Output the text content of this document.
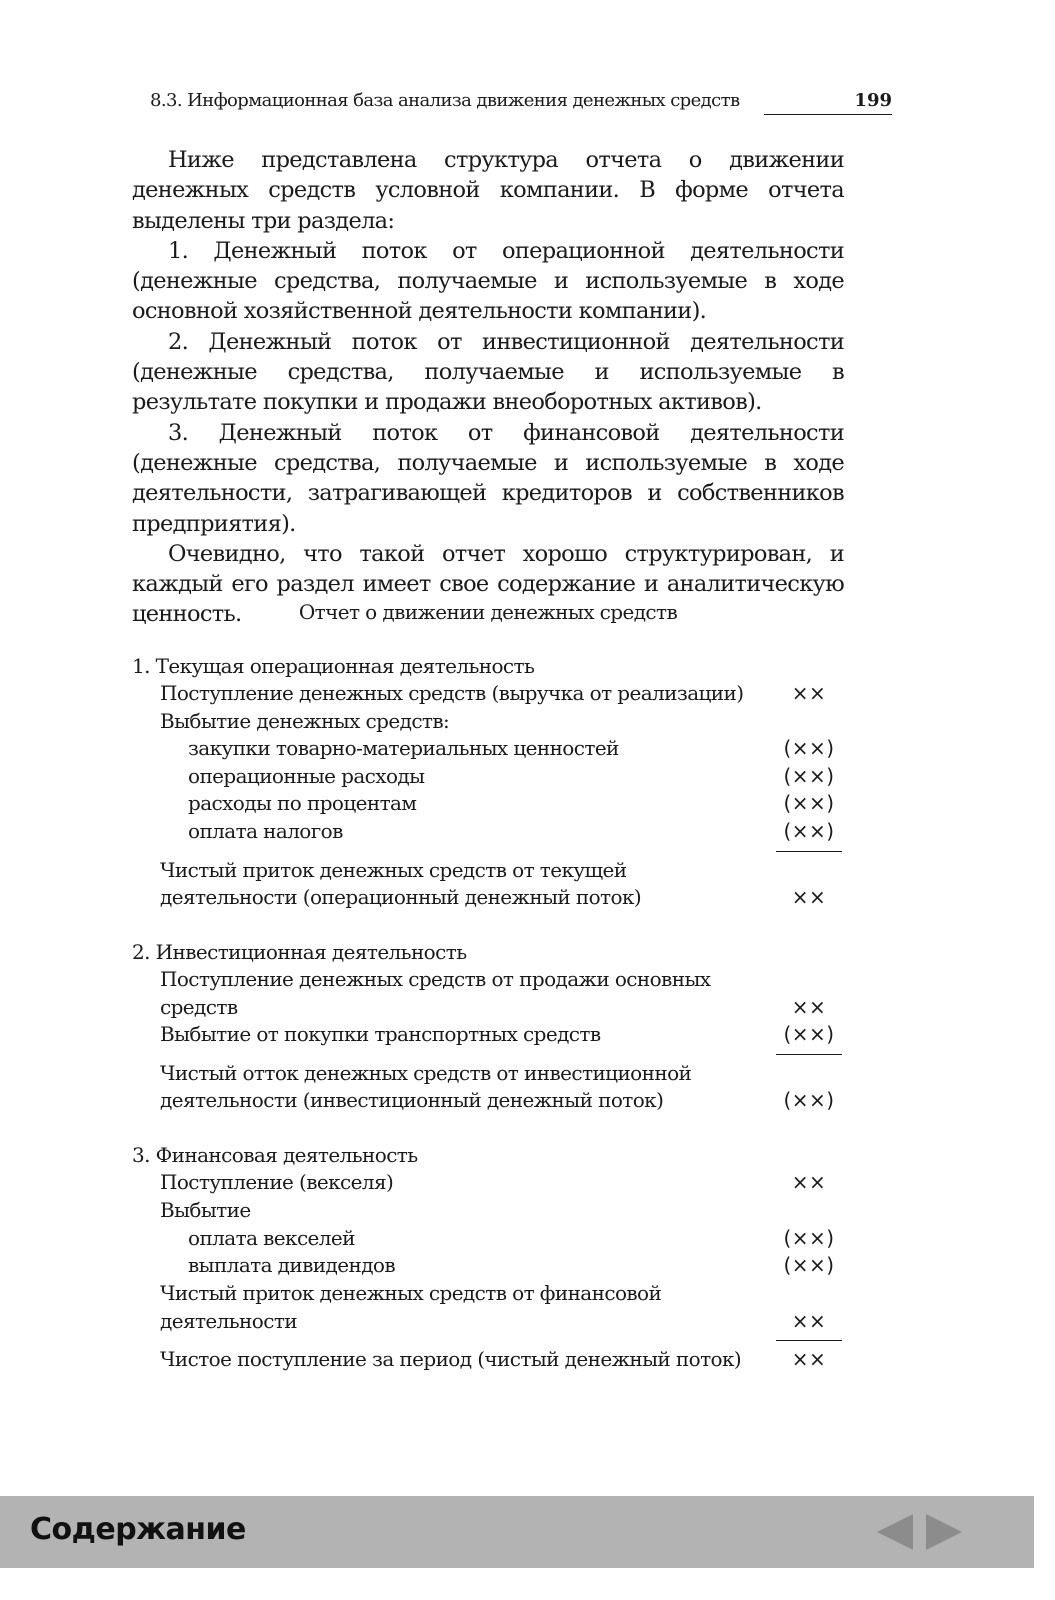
8.3. Информационная база анализа движения денежных средств	199

Ниже представлена структура отчета о движении денежных средств условной компании. В форме отчета выделены три раздела:

1. Денежный поток от операционной деятельности (денежные средства, получаемые и используемые в ходе основной хозяйственной деятельности компании).

2. Денежный поток от инвестиционной деятельности (денежные средства, получаемые и используемые в результате покупки и продажи внеоборотных активов).

3. Денежный поток от финансовой деятельности (денежные средства, получаемые и используемые в ходе деятельности, затрагивающей кредиторов и собственников предприятия).

Очевидно, что такой отчет хорошо структурирован, и каждый его раздел имеет свое содержание и аналитическую ценность.	Отчет о движении денежных средств
1. Текущая операционная деятельность
Поступление денежных средств (выручка от реализации)
Выбытие денежных средств:
закупки товарно-материальных ценностей
операционные расходы
расходы по процентам
оплата налогов
Чистый приток денежных средств от текущей
деятельности (операционный денежный поток)
2. Инвестиционная деятельность
Поступление денежных средств от продажи основных
средств
Выбытие от покупки транспортных средств
Чистый отток денежных средств от инвестиционной
деятельности (инвестиционный денежный поток)
3. Финансовая деятельность
Поступление (векселя)
Выбытие
оплата векселей
выплата дивидендов
Чистый приток денежных средств от финансовой
деятельности
Чистое поступление за период (чистый денежный поток)
××
(××)
(××)
(××)
(××)
××
××
(××)
(××)
××
(××)
(××)
××
××
Содержание
